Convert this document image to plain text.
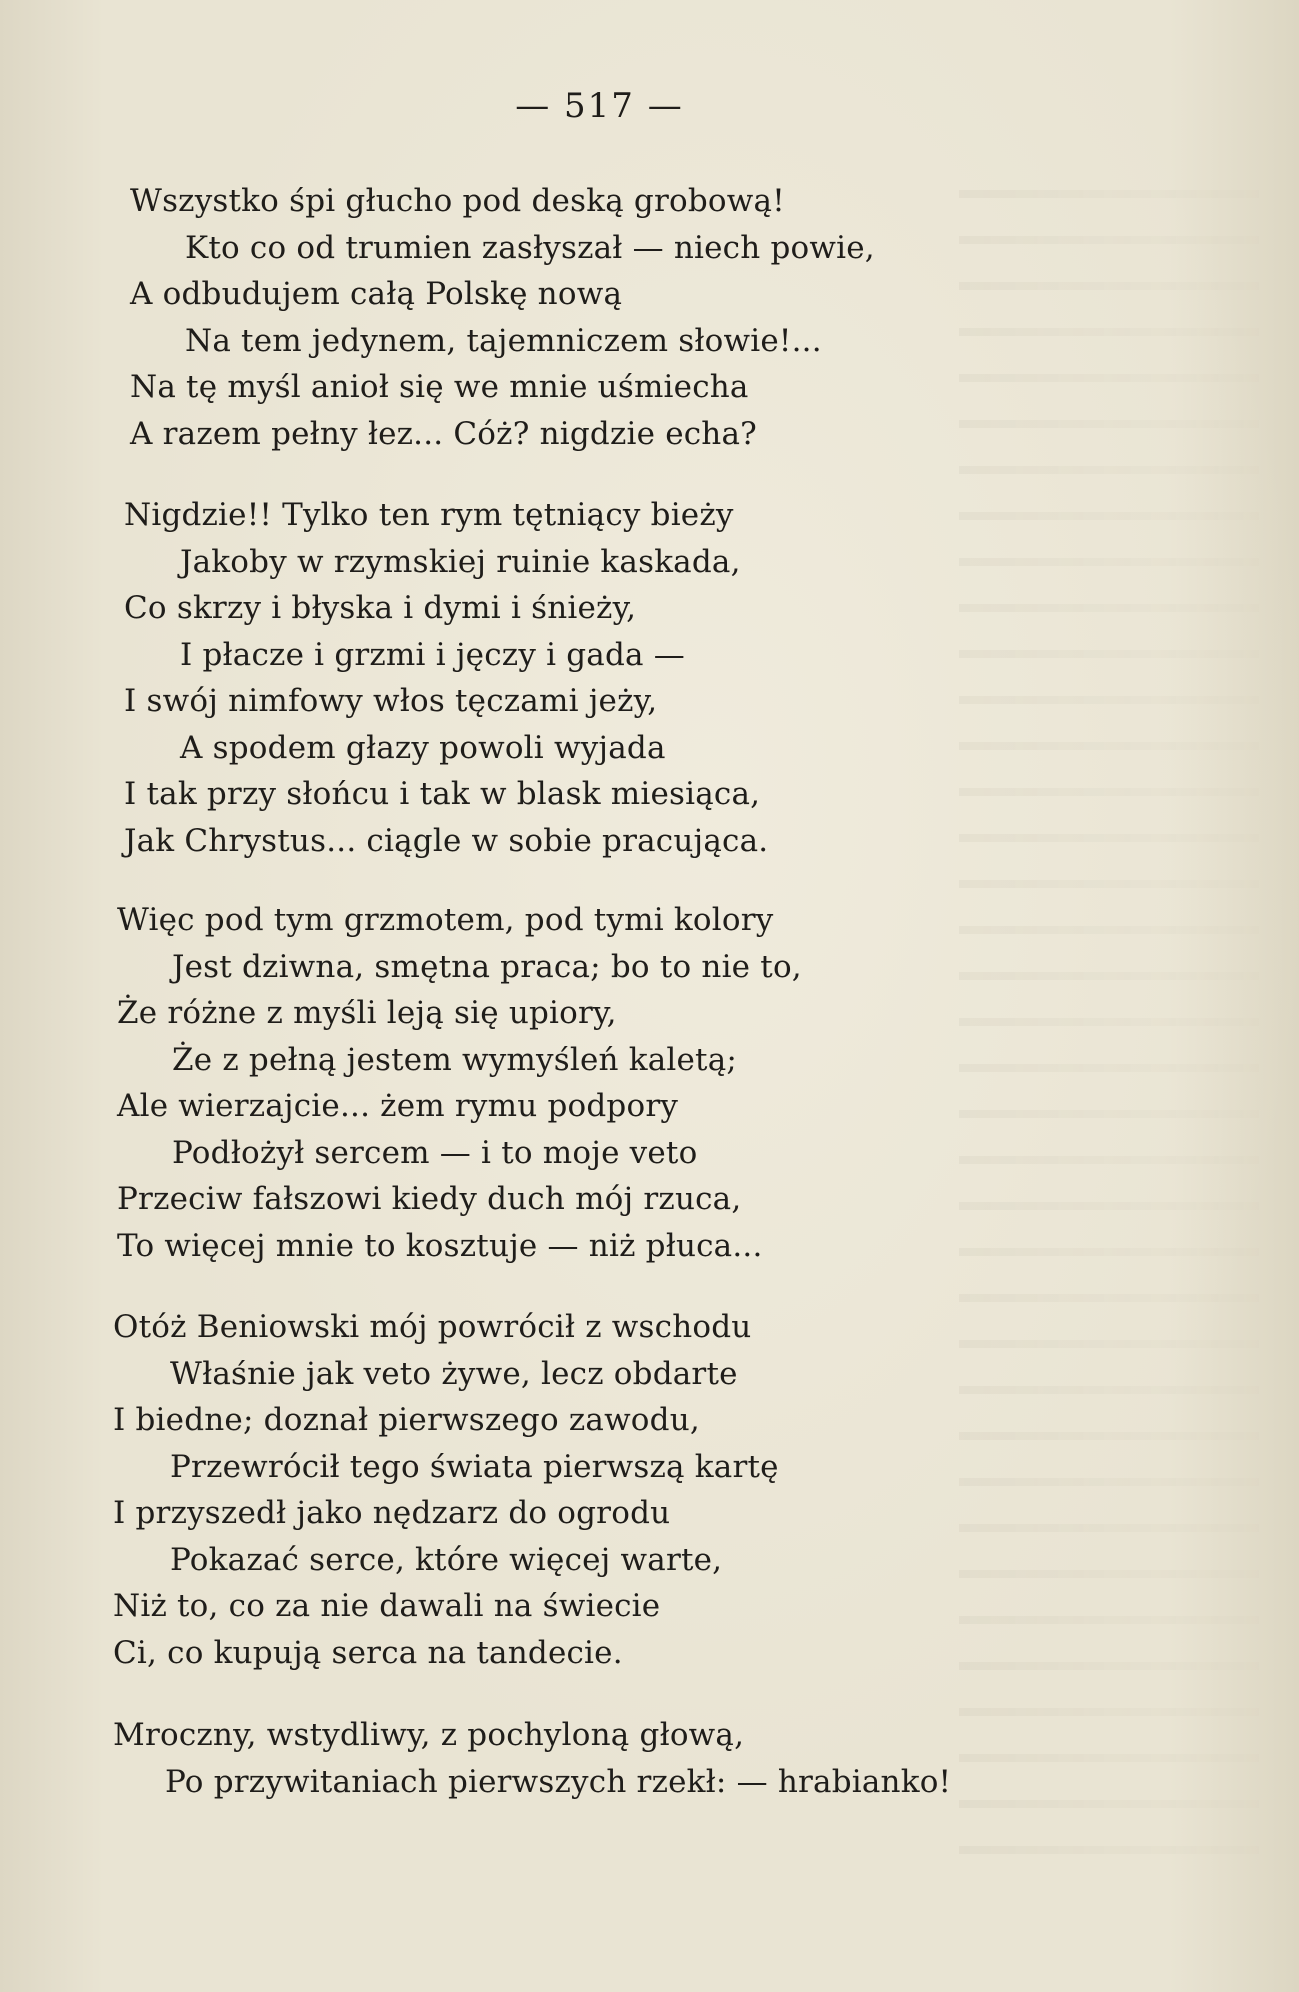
— 517 —
Wszystko śpi głucho pod deską grobową!
Kto co od trumien zasłyszał — niech powie,
A odbudujem całą Polskę nową
Na tem jedynem, tajemniczem słowie!...
Na tę myśl anioł się we mnie uśmiecha
A razem pełny łez... Cóż? nigdzie echa?
Nigdzie!! Tylko ten rym tętniący bieży
Jakoby w rzymskiej ruinie kaskada,
Co skrzy i błyska i dymi i śnieży,
I płacze i grzmi i jęczy i gada —
I swój nimfowy włos tęczami jeży,
A spodem głazy powoli wyjada
I tak przy słońcu i tak w blask miesiąca,
Jak Chrystus... ciągle w sobie pracująca.
Więc pod tym grzmotem, pod tymi kolory
Jest dziwna, smętna praca; bo to nie to,
Że różne z myśli leją się upiory,
Że z pełną jestem wymyśleń kaletą;
Ale wierzajcie... żem rymu podpory
Podłożył sercem — i to moje veto
Przeciw fałszowi kiedy duch mój rzuca,
To więcej mnie to kosztuje — niż płuca...
Otóż Beniowski mój powrócił z wschodu
Właśnie jak veto żywe, lecz obdarte
I biedne; doznał pierwszego zawodu,
Przewrócił tego świata pierwszą kartę
I przyszedł jako nędzarz do ogrodu
Pokazać serce, które więcej warte,
Niż to, co za nie dawali na świecie
Ci, co kupują serca na tandecie.
Mroczny, wstydliwy, z pochyloną głową,
Po przywitaniach pierwszych rzekł: — hrabianko!
